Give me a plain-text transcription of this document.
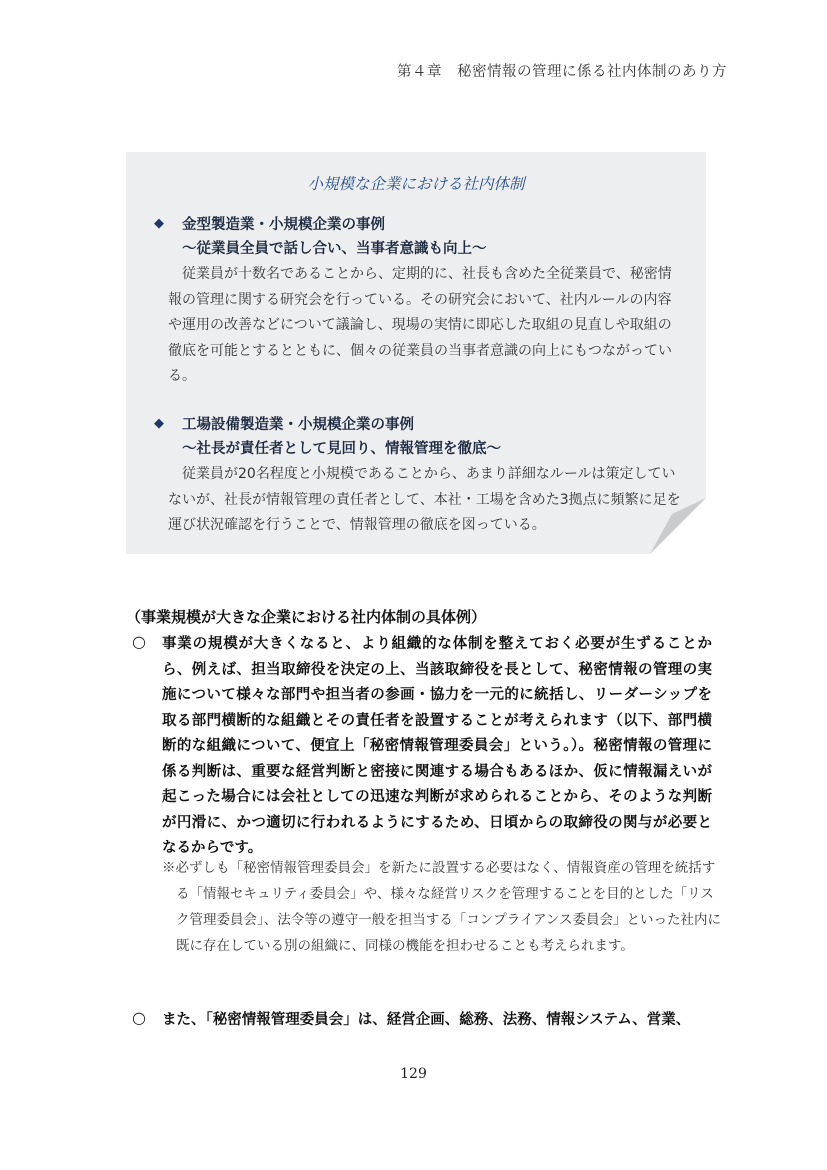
第４章　秘密情報の管理に係る社内体制のあり方
小規模な企業における社内体制
◆	金型製造業・小規模企業の事例
～従業員全員で話し合い、当事者意識も向上～
従業員が十数名であることから、定期的に、社長も含めた全従業員で、秘密情報の管理に関する研究会を行っている。その研究会において、社内ルールの内容や運用の改善などについて議論し、現場の実情に即応した取組の見直しや取組の徹底を可能とするとともに、個々の従業員の当事者意識の向上にもつながっている。
◆	工場設備製造業・小規模企業の事例
～社長が責任者として見回り、情報管理を徹底～
従業員が20名程度と小規模であることから、あまり詳細なルールは策定していないが、社長が情報管理の責任者として、本社・工場を含めた3拠点に頻繁に足を運び状況確認を行うことで、情報管理の徹底を図っている。
（事業規模が大きな企業における社内体制の具体例）
○ 事業の規模が大きくなると、より組織的な体制を整えておく必要が生ずることから、例えば、担当取締役を決定の上、当該取締役を長として、秘密情報の管理の実施について様々な部門や担当者の参画・協力を一元的に統括し、リーダーシップを取る部門横断的な組織とその責任者を設置することが考えられます（以下、部門横断的な組織について、便宜上「秘密情報管理委員会」という。）。秘密情報の管理に係る判断は、重要な経営判断と密接に関連する場合もあるほか、仮に情報漏えいが起こった場合には会社としての迅速な判断が求められることから、そのような判断が円滑に、かつ適切に行われるようにするため、日頃からの取締役の関与が必要となるからです。
※必ずしも「秘密情報管理委員会」を新たに設置する必要はなく、情報資産の管理を統括する「情報セキュリティ委員会」や、様々な経営リスクを管理することを目的とした「リスク管理委員会」、法令等の遵守一般を担当する「コンプライアンス委員会」といった社内に既に存在している別の組織に、同様の機能を担わせることも考えられます。
○ また、「秘密情報管理委員会」は、経営企画、総務、法務、情報システム、営業、
129
